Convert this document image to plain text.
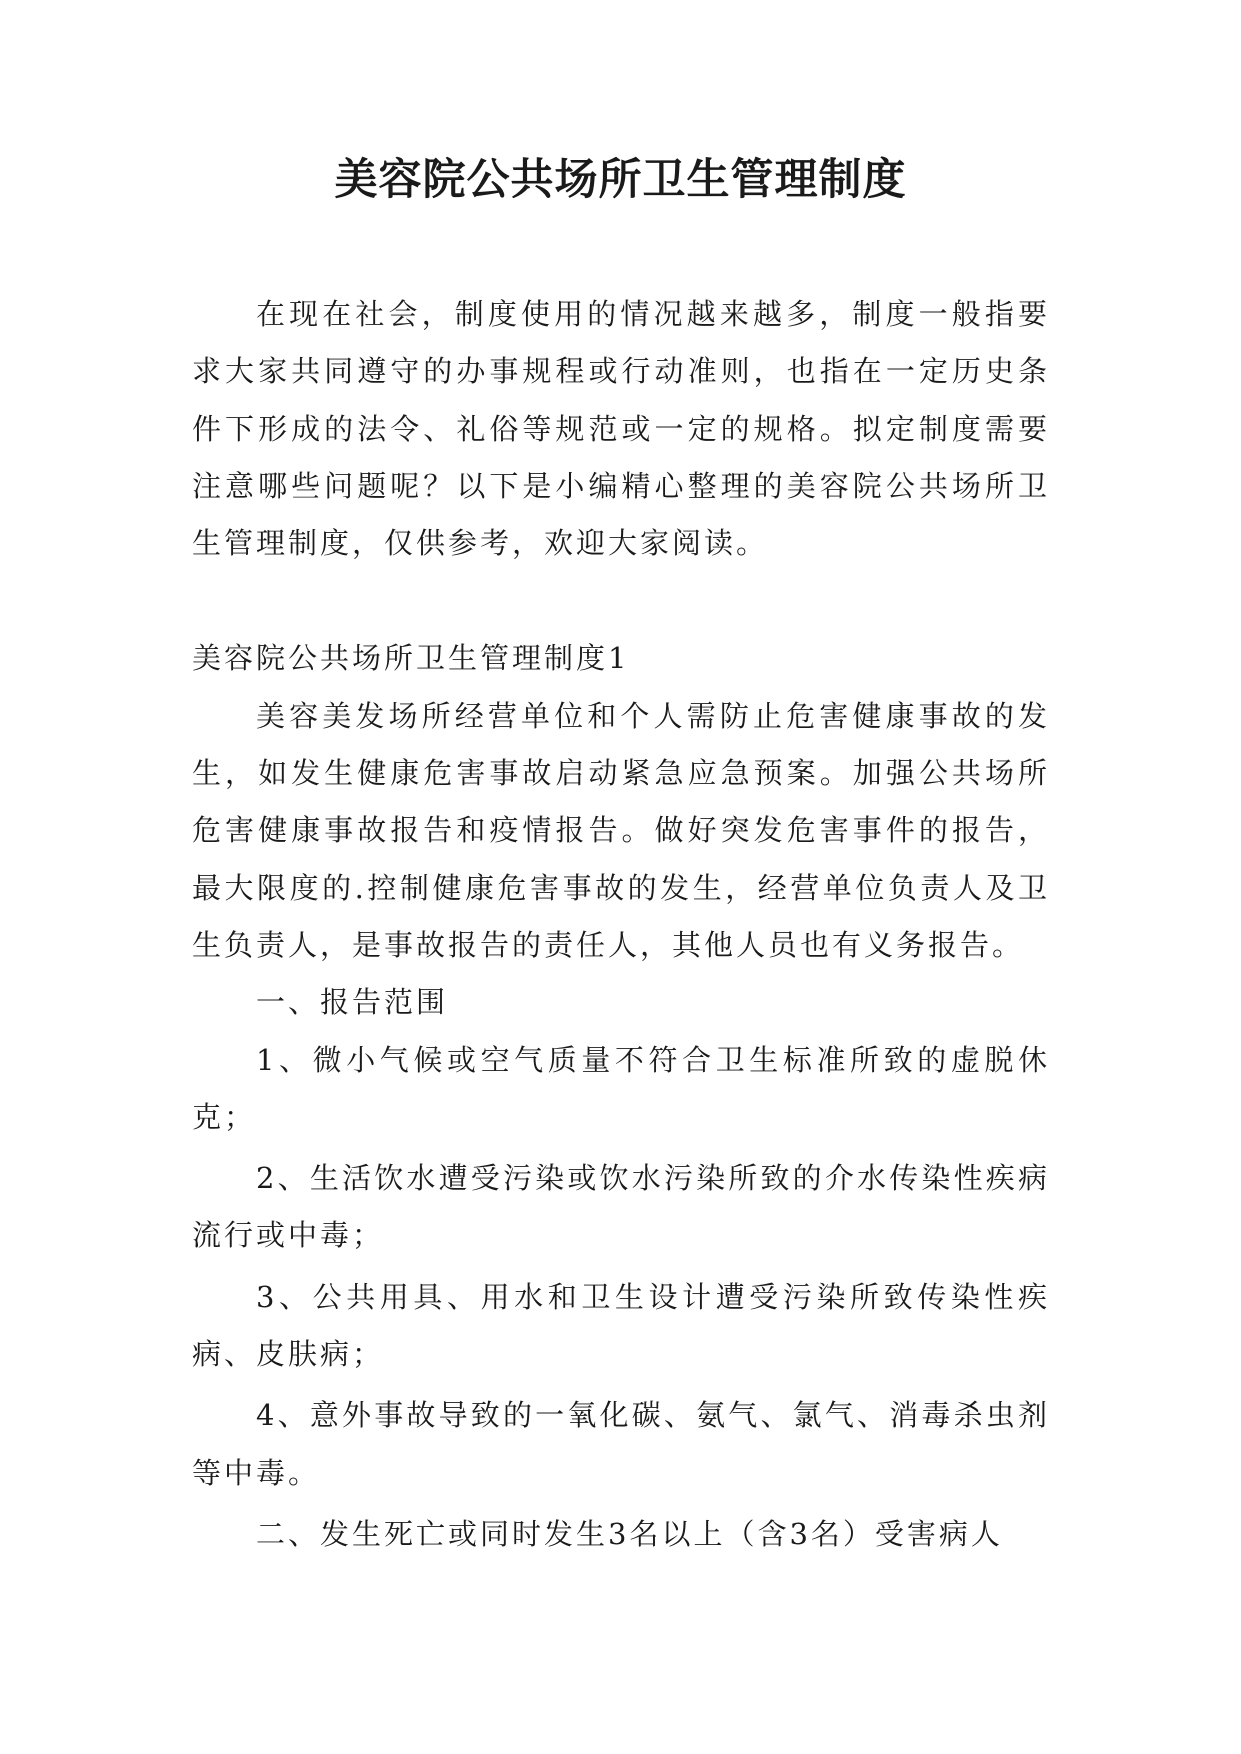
美容院公共场所卫生管理制度

在现在社会，制度使用的情况越来越多，制度一般指要求大家共同遵守的办事规程或行动准则，也指在一定历史条件下形成的法令、礼俗等规范或一定的规格。拟定制度需要注意哪些问题呢？以下是小编精心整理的美容院公共场所卫生管理制度，仅供参考，欢迎大家阅读。

美容院公共场所卫生管理制度1

美容美发场所经营单位和个人需防止危害健康事故的发生，如发生健康危害事故启动紧急应急预案。加强公共场所危害健康事故报告和疫情报告。做好突发危害事件的报告，最大限度的.控制健康危害事故的发生，经营单位负责人及卫生负责人，是事故报告的责任人，其他人员也有义务报告。

一、报告范围

1、微小气候或空气质量不符合卫生标准所致的虚脱休克；

2、生活饮水遭受污染或饮水污染所致的介水传染性疾病流行或中毒；

3、公共用具、用水和卫生设计遭受污染所致传染性疾病、皮肤病；

4、意外事故导致的一氧化碳、氨气、氯气、消毒杀虫剂等中毒。

二、发生死亡或同时发生3名以上（含3名）受害病人
